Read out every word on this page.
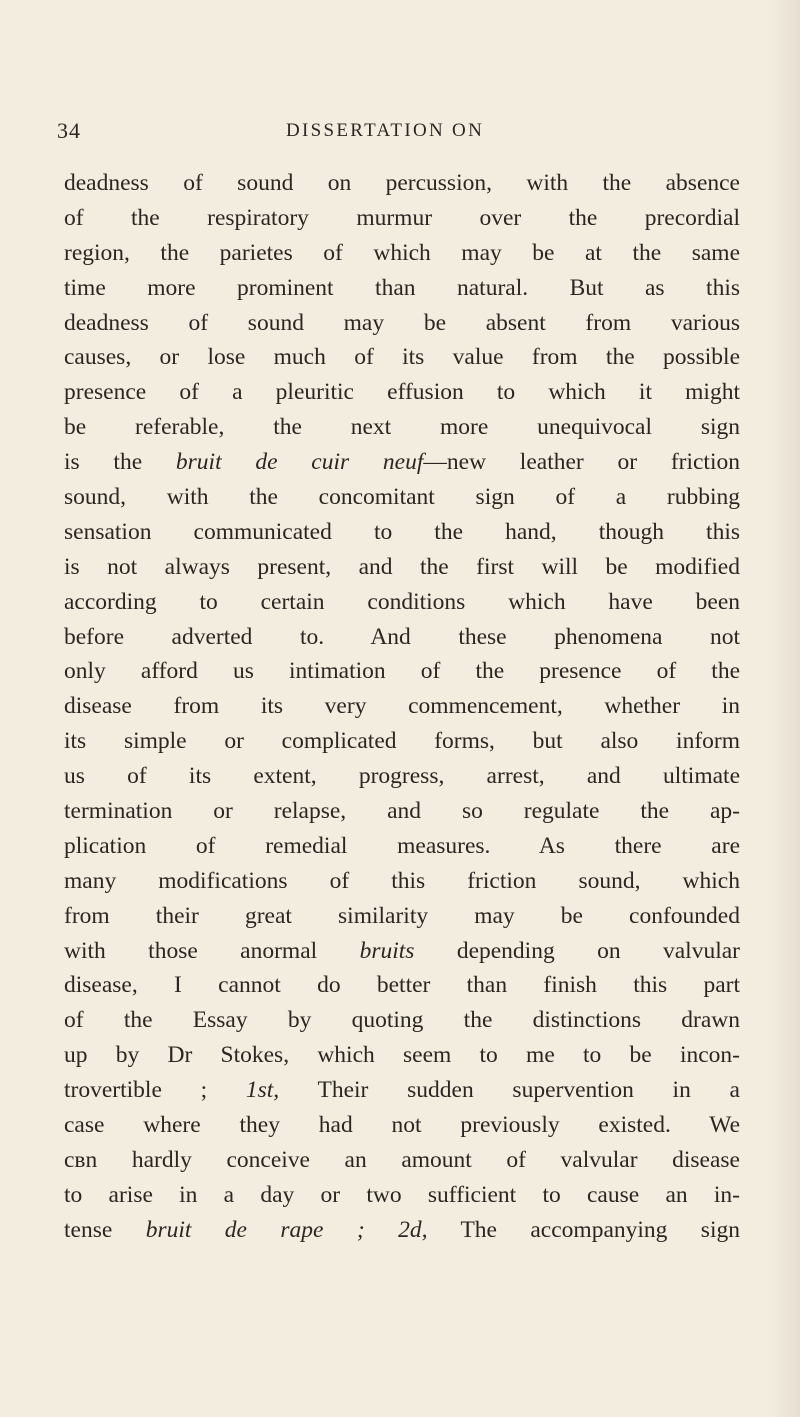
34	DISSERTATION ON
deadness of sound on percussion, with the absence
of the respiratory murmur over the precordial
region, the parietes of which may be at the same
time more prominent than natural. But as this
deadness of sound may be absent from various
causes, or lose much of its value from the possible
presence of a pleuritic effusion to which it might
be referable, the next more unequivocal sign
is the bruit de cuir neuf—new leather or friction
sound, with the concomitant sign of a rubbing
sensation communicated to the hand, though this
is not always present, and the first will be modified
according to certain conditions which have been
before adverted to. And these phenomena not
only afford us intimation of the presence of the
disease from its very commencement, whether in
its simple or complicated forms, but also inform
us of its extent, progress, arrest, and ultimate
termination or relapse, and so regulate the ap-
plication of remedial measures. As there are
many modifications of this friction sound, which
from their great similarity may be confounded
with those anormal bruits depending on valvular
disease, I cannot do better than finish this part
of the Essay by quoting the distinctions drawn
up by Dr Stokes, which seem to me to be incon-
trovertible ; 1st, Their sudden supervention in a
case where they had not previously existed. We
cвn hardly conceive an amount of valvular disease
to arise in a day or two sufficient to cause an in-
tense bruit de rape ; 2d, The accompanying sign
